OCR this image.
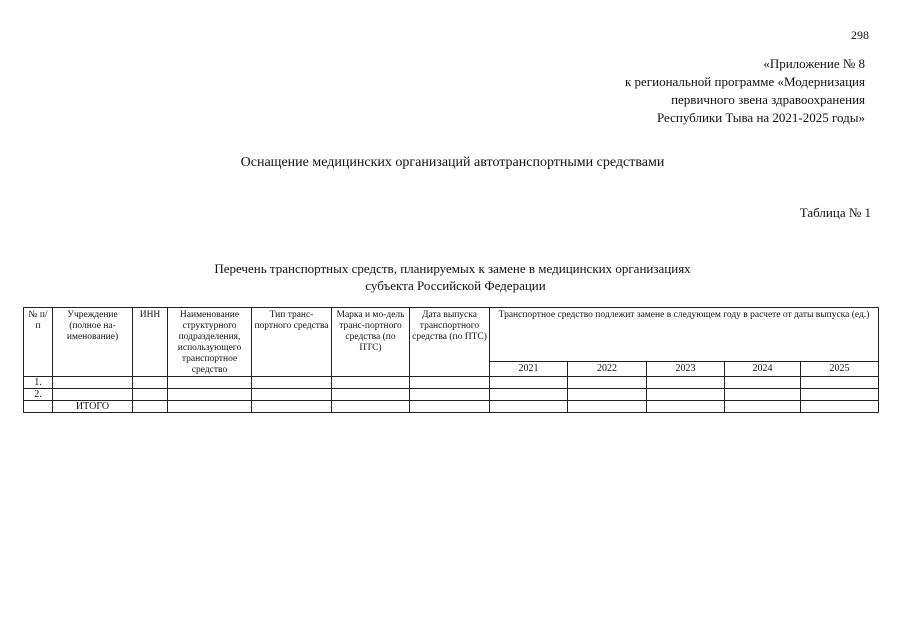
298
«Приложение № 8
к региональной программе «Модернизация
первичного звена здравоохранения
Республики Тыва на 2021-2025 годы»
Оснащение медицинских организаций автотранспортными средствами
Таблица № 1
Перечень транспортных средств, планируемых к замене в медицинских организациях
субъекта Российской Федерации
№ п/п	Учреждение (полное на-именование)	ИНН	Наименование структурного подразделения, использующего транспортное средство	Тип транс-портного средства	Марка и мо-дель транс-портного средства (по ПТС)	Дата выпуска транспортного средства (по ПТС)	Транспортное средство подлежит замене в следующем году в расчете от даты выпуска (ед.)				
							2021	2022	2023	2024	2025
1.											
2.											
	ИТОГО										
